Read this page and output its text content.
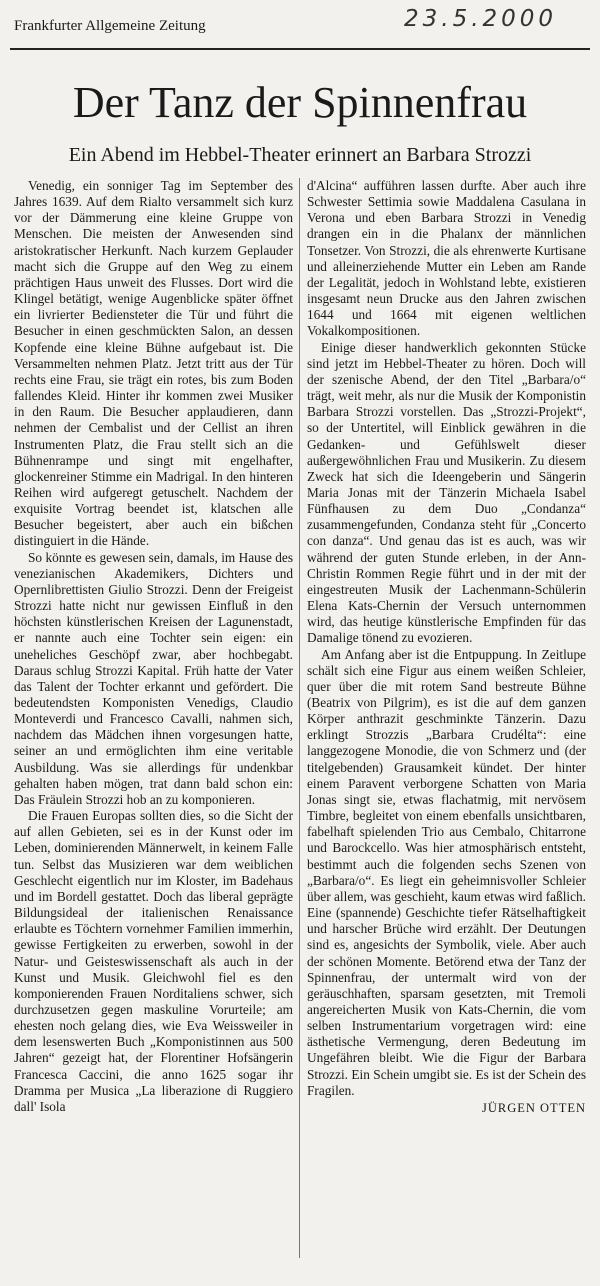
Frankfurter Allgemeine Zeitung	23.5.2000
Der Tanz der Spinnenfrau
Ein Abend im Hebbel-Theater erinnert an Barbara Strozzi

Venedig, ein sonniger Tag im September des Jahres 1639. Auf dem Rialto versammelt sich kurz vor der Dämmerung eine kleine Gruppe von Menschen. Die meisten der Anwesenden sind aristokratischer Herkunft. Nach kurzem Geplauder macht sich die Gruppe auf den Weg zu einem prächtigen Haus unweit des Flusses. Dort wird die Klingel betätigt, wenige Augenblicke später öffnet ein livrierter Bediensteter die Tür und führt die Besucher in einen geschmückten Salon, an dessen Kopfende eine kleine Bühne aufgebaut ist. Die Versammelten nehmen Platz. Jetzt tritt aus der Tür rechts eine Frau, sie trägt ein rotes, bis zum Boden fallendes Kleid. Hinter ihr kommen zwei Musiker in den Raum. Die Besucher applaudieren, dann nehmen der Cembalist und der Cellist an ihren Instrumenten Platz, die Frau stellt sich an die Bühnenrampe und singt mit engelhafter, glockenreiner Stimme ein Madrigal. In den hinteren Reihen wird aufgeregt getuschelt. Nachdem der exquisite Vortrag beendet ist, klatschen alle Besucher begeistert, aber auch ein bißchen distinguiert in die Hände.

So könnte es gewesen sein, damals, im Hause des venezianischen Akademikers, Dichters und Opernlibrettisten Giulio Strozzi. Denn der Freigeist Strozzi hatte nicht nur gewissen Einfluß in den höchsten künstlerischen Kreisen der Lagunenstadt, er nannte auch eine Tochter sein eigen: ein uneheliches Geschöpf zwar, aber hochbegabt. Daraus schlug Strozzi Kapital. Früh hatte der Vater das Talent der Tochter erkannt und gefördert. Die bedeutendsten Komponisten Venedigs, Claudio Monteverdi und Francesco Cavalli, nahmen sich, nachdem das Mädchen ihnen vorgesungen hatte, seiner an und ermöglichten ihm eine veritable Ausbildung. Was sie allerdings für undenkbar gehalten haben mögen, trat dann bald schon ein: Das Fräulein Strozzi hob an zu komponieren.

Die Frauen Europas sollten dies, so die Sicht der auf allen Gebieten, sei es in der Kunst oder im Leben, dominierenden Männerwelt, in keinem Falle tun. Selbst das Musizieren war dem weiblichen Geschlecht eigentlich nur im Kloster, im Badehaus und im Bordell gestattet. Doch das liberal geprägte Bildungsideal der italienischen Renaissance erlaubte es Töchtern vornehmer Familien immerhin, gewisse Fertigkeiten zu erwerben, sowohl in der Natur- und Geisteswissenschaft als auch in der Kunst und Musik. Gleichwohl fiel es den komponierenden Frauen Norditaliens schwer, sich durchzusetzen gegen maskuline Vorurteile; am ehesten noch gelang dies, wie Eva Weissweiler in dem lesenswerten Buch „Komponistinnen aus 500 Jahren“ gezeigt hat, der Florentiner Hofsängerin Francesca Caccini, die anno 1625 sogar ihr Dramma per Musica „La liberazione di Ruggiero dall' Isola

d'Alcina“ aufführen lassen durfte. Aber auch ihre Schwester Settimia sowie Maddalena Casulana in Verona und eben Barbara Strozzi in Venedig drangen ein in die Phalanx der männlichen Tonsetzer. Von Strozzi, die als ehrenwerte Kurtisane und alleinerziehende Mutter ein Leben am Rande der Legalität, jedoch in Wohlstand lebte, existieren insgesamt neun Drucke aus den Jahren zwischen 1644 und 1664 mit eigenen weltlichen Vokalkompositionen.

Einige dieser handwerklich gekonnten Stücke sind jetzt im Hebbel-Theater zu hören. Doch will der szenische Abend, der den Titel „Barbara/o“ trägt, weit mehr, als nur die Musik der Komponistin Barbara Strozzi vorstellen. Das „Strozzi-Projekt“, so der Untertitel, will Einblick gewähren in die Gedanken- und Gefühlswelt dieser außergewöhnlichen Frau und Musikerin. Zu diesem Zweck hat sich die Ideengeberin und Sängerin Maria Jonas mit der Tänzerin Michaela Isabel Fünfhausen zu dem Duo „Condanza“ zusammengefunden, Condanza steht für „Concerto con danza“. Und genau das ist es auch, was wir während der guten Stunde erleben, in der Ann-Christin Rommen Regie führt und in der mit der eingestreuten Musik der Lachenmann-Schülerin Elena Kats-Chernin der Versuch unternommen wird, das heutige künstlerische Empfinden für das Damalige tönend zu evozieren.

Am Anfang aber ist die Entpuppung. In Zeitlupe schält sich eine Figur aus einem weißen Schleier, quer über die mit rotem Sand bestreute Bühne (Beatrix von Pilgrim), es ist die auf dem ganzen Körper anthrazit geschminkte Tänzerin. Dazu erklingt Strozzis „Barbara Crudélta“: eine langgezogene Monodie, die von Schmerz und (der titelgebenden) Grausamkeit kündet. Der hinter einem Paravent verborgene Schatten von Maria Jonas singt sie, etwas flachatmig, mit nervösem Timbre, begleitet von einem ebenfalls unsichtbaren, fabelhaft spielenden Trio aus Cembalo, Chitarrone und Barockcello. Was hier atmosphärisch entsteht, bestimmt auch die folgenden sechs Szenen von „Barbara/o“. Es liegt ein geheimnisvoller Schleier über allem, was geschieht, kaum etwas wird faßlich. Eine (spannende) Geschichte tiefer Rätselhaftigkeit und harscher Brüche wird erzählt. Der Deutungen sind es, angesichts der Symbolik, viele. Aber auch der schönen Momente. Betörend etwa der Tanz der Spinnenfrau, der untermalt wird von der geräuschhaften, sparsam gesetzten, mit Tremoli angereicherten Musik von Kats-Chernin, die vom selben Instrumentarium vorgetragen wird: eine ästhetische Vermengung, deren Bedeutung im Ungefähren bleibt. Wie die Figur der Barbara Strozzi. Ein Schein umgibt sie. Es ist der Schein des Fragilen.

JÜRGEN OTTEN
